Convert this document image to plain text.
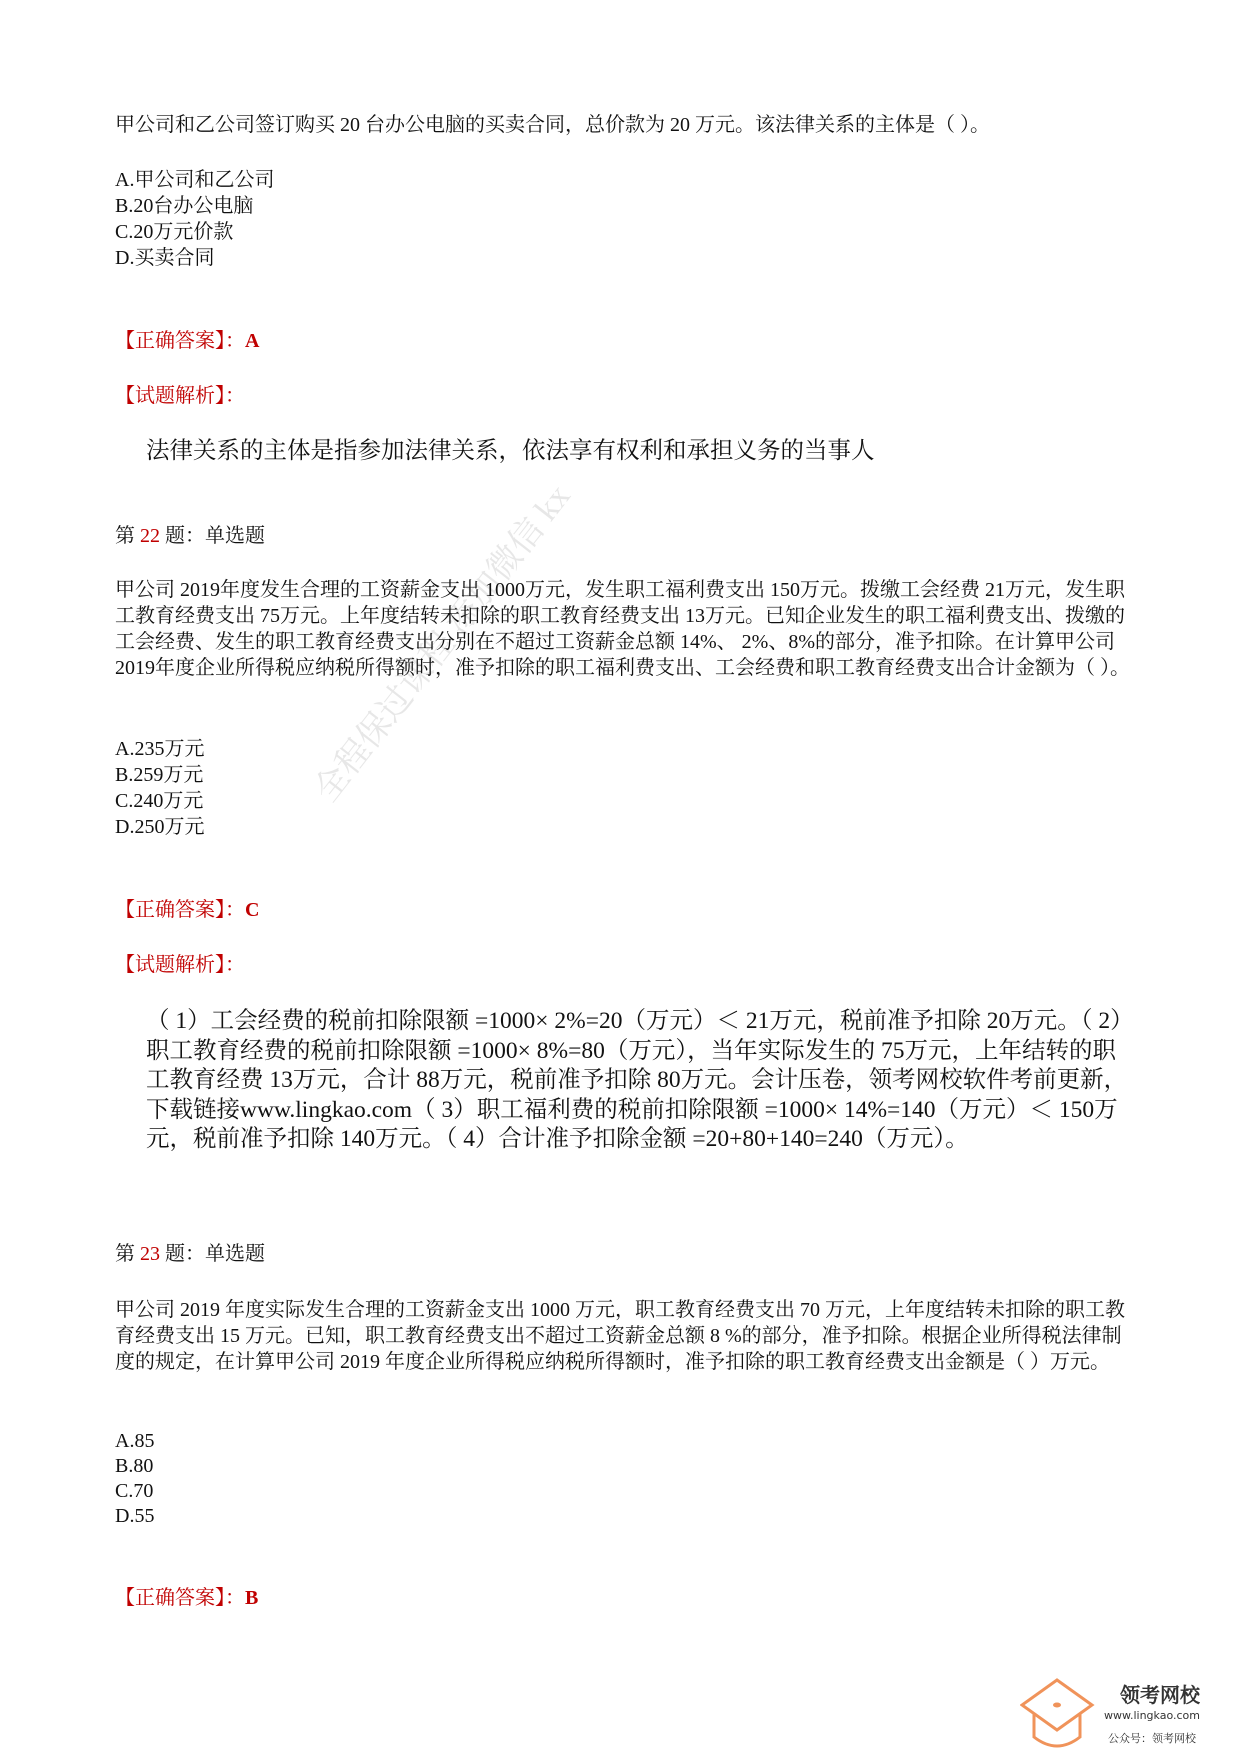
全程保过课程 添加微信 kx
甲公司和乙公司签订购买 20 台办公电脑的买卖合同，总价款为 20 万元。该法律关系的主体是（ ）。
A.甲公司和乙公司
B.20台办公电脑
C.20万元价款
D.买卖合同
【正确答案】：A
【试题解析】：
法律关系的主体是指参加法律关系，依法享有权利和承担义务的当事人
第 22 题：单选题
甲公司 2019年度发生合理的工资薪金支出 1000万元，发生职工福利费支出 150万元。拨缴工会经费 21万元，发生职工教育经费支出 75万元。上年度结转未扣除的职工教育经费支出 13万元。已知企业发生的职工福利费支出、拨缴的工会经费、发生的职工教育经费支出分别在不超过工资薪金总额 14%、 2%、8%的部分，准予扣除。在计算甲公司 2019年度企业所得税应纳税所得额时，准予扣除的职工福利费支出、工会经费和职工教育经费支出合计金额为（ ）。
A.235万元
B.259万元
C.240万元
D.250万元
【正确答案】：C
【试题解析】：
（ 1）工会经费的税前扣除限额 =1000× 2%=20（万元）＜ 21万元，税前准予扣除 20万元。（ 2）职工教育经费的税前扣除限额 =1000× 8%=80（万元），当年实际发生的 75万元，上年结转的职工教育经费 13万元，合计 88万元，税前准予扣除 80万元。会计压卷，领考网校软件考前更新，下载链接www.lingkao.com（ 3）职工福利费的税前扣除限额 =1000× 14%=140（万元）＜ 150万元，税前准予扣除 140万元。（ 4）合计准予扣除金额 =20+80+140=240（万元）。
第 23 题：单选题
甲公司 2019 年度实际发生合理的工资薪金支出 1000 万元，职工教育经费支出 70 万元，上年度结转未扣除的职工教育经费支出 15 万元。已知，职工教育经费支出不超过工资薪金总额 8 %的部分，准予扣除。根据企业所得税法律制度的规定，在计算甲公司 2019 年度企业所得税应纳税所得额时，准予扣除的职工教育经费支出金额是（ ）万元。
A.85
B.80
C.70
D.55
【正确答案】：B
领考网校
www.lingkao.com
公众号：领考网校
